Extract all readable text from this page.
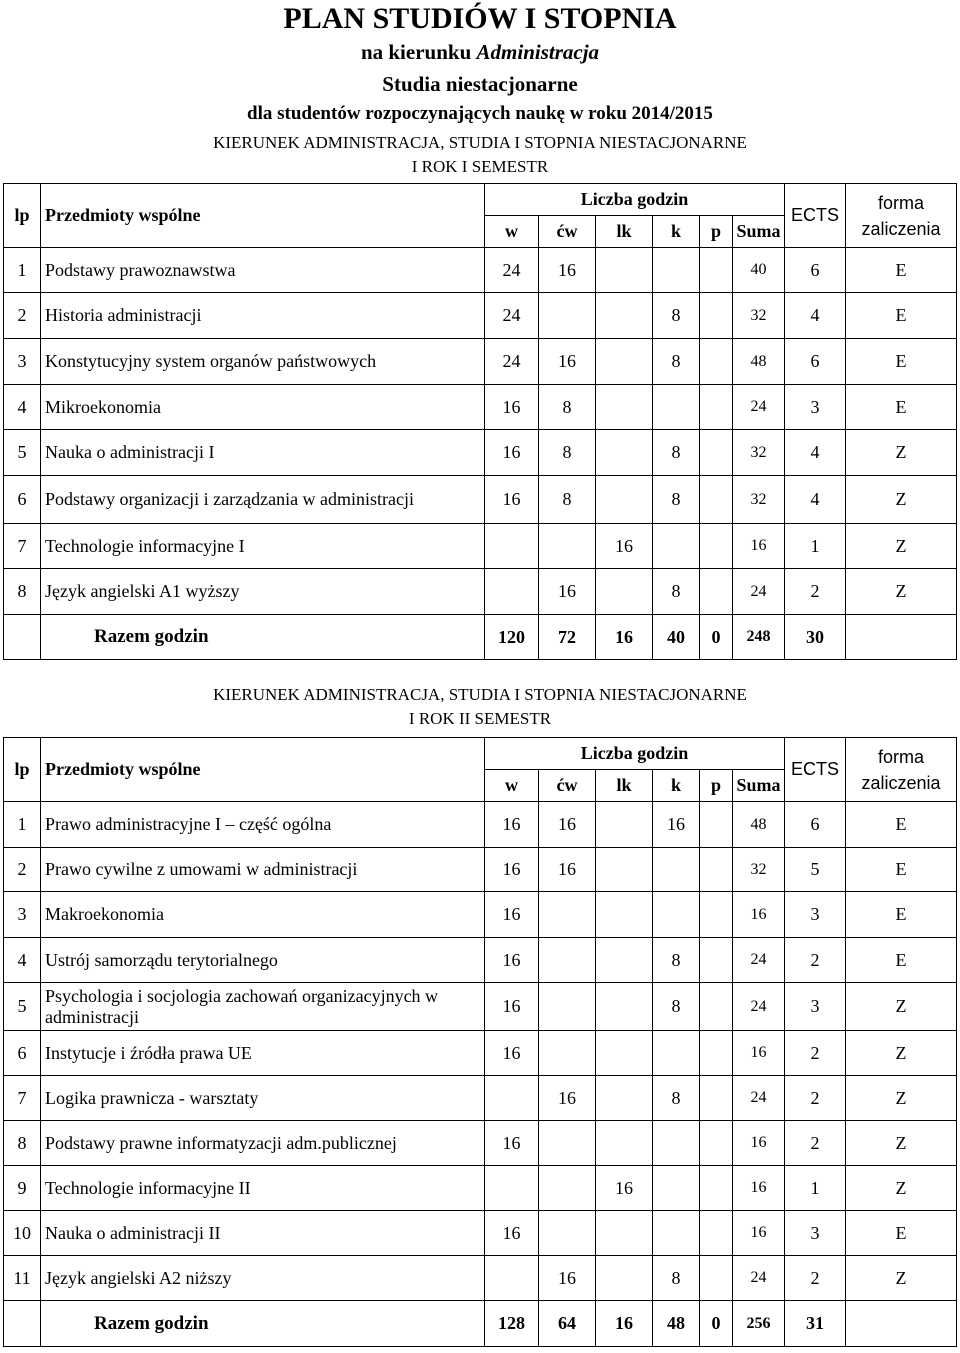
PLAN STUDIÓW I STOPNIA
na kierunku Administracja
Studia niestacjonarne
dla studentów rozpoczynających naukę w roku 2014/2015
KIERUNEK ADMINISTRACJA, STUDIA I STOPNIA NIESTACJONARNE
I ROK I SEMESTR
lp	Przedmioty wspólne	Liczba godzin						ECTS	forma
zaliczenia

		w	ćw	lk	k	p	Suma		
1	Podstawy prawoznawstwa	24	16				40	6	E
2	Historia administracji	24			8		32	4	E
3	Konstytucyjny system organów państwowych	24	16		8		48	6	E
4	Mikroekonomia	16	8				24	3	E
5	Nauka o administracji I	16	8		8		32	4	Z
6	Podstawy organizacji i zarządzania w administracji	16	8		8		32	4	Z
7	Technologie informacyjne I			16			16	1	Z
8	Język angielski A1 wyższy		16		8		24	2	Z
	Razem godzin	120	72	16	40	0	248	30	
KIERUNEK ADMINISTRACJA, STUDIA I STOPNIA NIESTACJONARNE
I ROK II SEMESTR
lp	Przedmioty wspólne	Liczba godzin						ECTS	forma
zaliczenia

		w	ćw	lk	k	p	Suma		
1	Prawo administracyjne I – część ogólna	16	16		16		48	6	E
2	Prawo cywilne z umowami w administracji	16	16				32	5	E
3	Makroekonomia	16					16	3	E
4	Ustrój samorządu terytorialnego	16			8		24	2	E
5	Psychologia i socjologia zachowań organizacyjnych w administracji	16			8		24	3	Z
6	Instytucje i źródła prawa UE	16					16	2	Z
7	Logika prawnicza - warsztaty		16		8		24	2	Z
8	Podstawy prawne informatyzacji adm.publicznej	16					16	2	Z
9	Technologie informacyjne II			16			16	1	Z
10	Nauka o administracji II	16					16	3	E
11	Język angielski A2 niższy		16		8		24	2	Z
	Razem godzin	128	64	16	48	0	256	31	
